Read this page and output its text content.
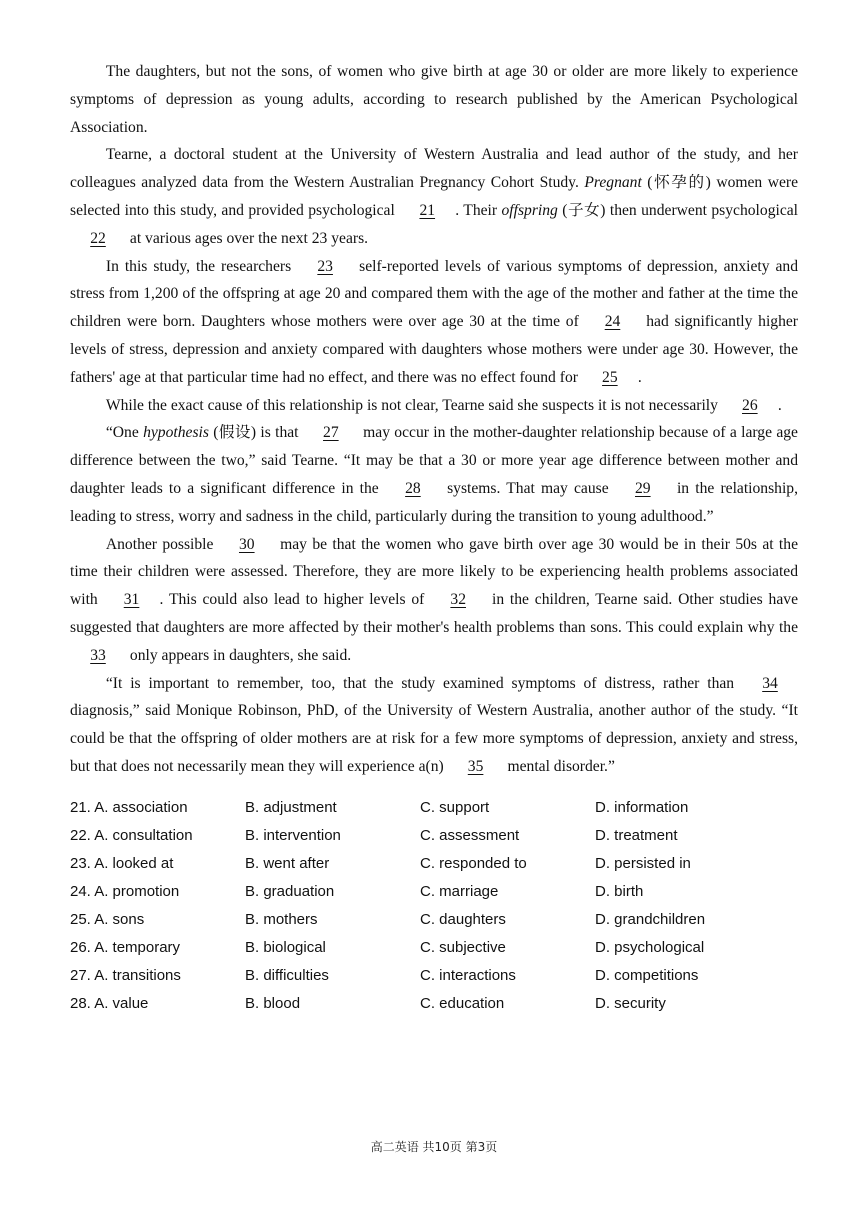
The daughters, but not the sons, of women who give birth at age 30 or older are more likely to experience symptoms of depression as young adults, according to research published by the American Psychological Association.

Tearne, a doctoral student at the University of Western Australia and lead author of the study, and her colleagues analyzed data from the Western Australian Pregnancy Cohort Study. Pregnant (怀孕的) women were selected into this study, and provided psychological 21 . Their offspring (子女) then underwent psychological 22 at various ages over the next 23 years.

In this study, the researchers 23 self-reported levels of various symptoms of depression, anxiety and stress from 1,200 of the offspring at age 20 and compared them with the age of the mother and father at the time the children were born. Daughters whose mothers were over age 30 at the time of 24 had significantly higher levels of stress, depression and anxiety compared with daughters whose mothers were under age 30. However, the fathers' age at that particular time had no effect, and there was no effect found for 25 .

While the exact cause of this relationship is not clear, Tearne said she suspects it is not necessarily 26 .

“One hypothesis (假设) is that 27 may occur in the mother-daughter relationship because of a large age difference between the two,” said Tearne. “It may be that a 30 or more year age difference between mother and daughter leads to a significant difference in the 28 systems. That may cause 29 in the relationship, leading to stress, worry and sadness in the child, particularly during the transition to young adulthood.”

Another possible 30 may be that the women who gave birth over age 30 would be in their 50s at the time their children were assessed. Therefore, they are more likely to be experiencing health problems associated with 31 . This could also lead to higher levels of 32 in the children, Tearne said. Other studies have suggested that daughters are more affected by their mother's health problems than sons. This could explain why the 33 only appears in daughters, she said.

“It is important to remember, too, that the study examined symptoms of distress, rather than 34 diagnosis,” said Monique Robinson, PhD, of the University of Western Australia, another author of the study. “It could be that the offspring of older mothers are at risk for a few more symptoms of depression, anxiety and stress, but that does not necessarily mean they will experience a(n) 35 mental disorder.”

21. A. association	B. adjustment	C. support	D. information
22. A. consultation	B. intervention	C. assessment	D. treatment
23. A. looked at	B. went after	C. responded to	D. persisted in
24. A. promotion	B. graduation	C. marriage	D. birth
25. A. sons	B. mothers	C. daughters	D. grandchildren
26. A. temporary	B. biological	C. subjective	D. psychological
27. A. transitions	B. difficulties	C. interactions	D. competitions
28. A. value	B. blood	C. education	D. security
高二英语 共10页 第3页
